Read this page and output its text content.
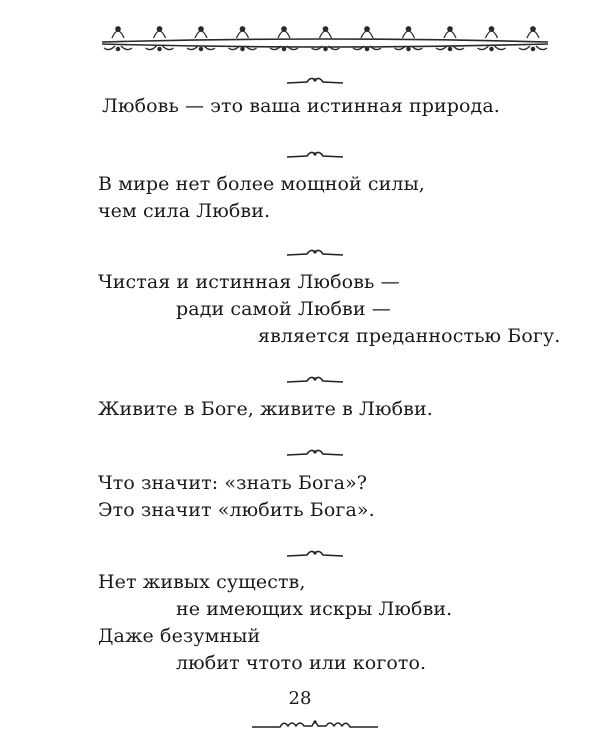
Любовь — это ваша истинная природа.
В мире нет более мощной силы,
чем сила Любви.
Чистая и истинная Любовь —
ради самой Любви —
является преданностью Богу.
Живите в Боге, живите в Любви.
Что значит: «знать Бога»?
Это значит «любить Бога».
Нет живых существ,
не имеющих искры Любви.
Даже безумный
любит чтото или когото.
28
